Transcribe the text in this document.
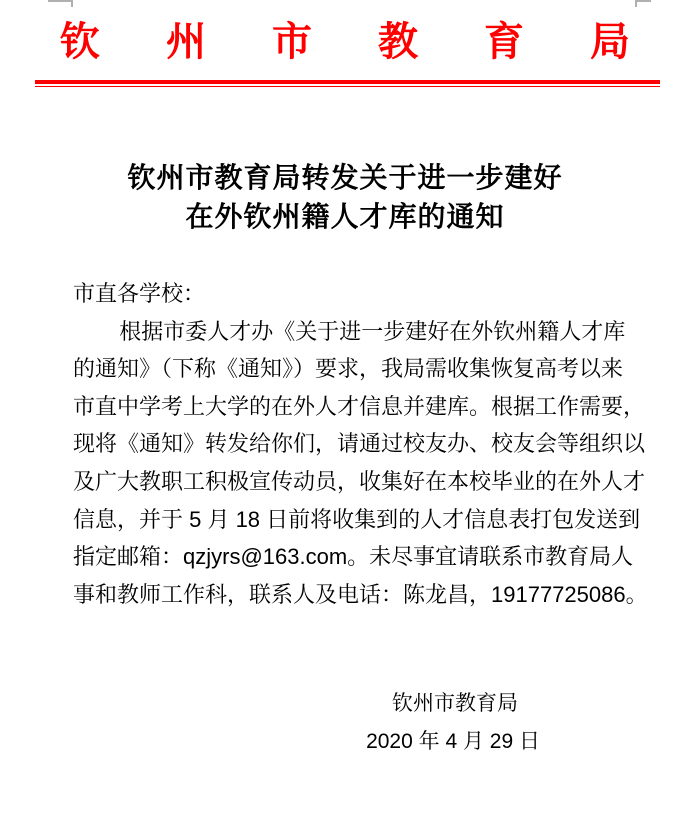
钦 州 市 教 育 局
钦州市教育局转发关于进一步建好
在外钦州籍人才库的通知
市直各学校：
根据市委人才办《关于进一步建好在外钦州籍人才库
的通知》（下称《通知》）要求，我局需收集恢复高考以来
市直中学考上大学的在外人才信息并建库。根据工作需要，
现将《通知》转发给你们，请通过校友办、校友会等组织以
及广大教职工积极宣传动员，收集好在本校毕业的在外人才
信息，并于 5 月 18 日前将收集到的人才信息表打包发送到
指定邮箱：qzjyrs@163.com。未尽事宜请联系市教育局人
事和教师工作科，联系人及电话：陈龙昌，19177725086。
钦州市教育局
2020 年 4 月 29 日
